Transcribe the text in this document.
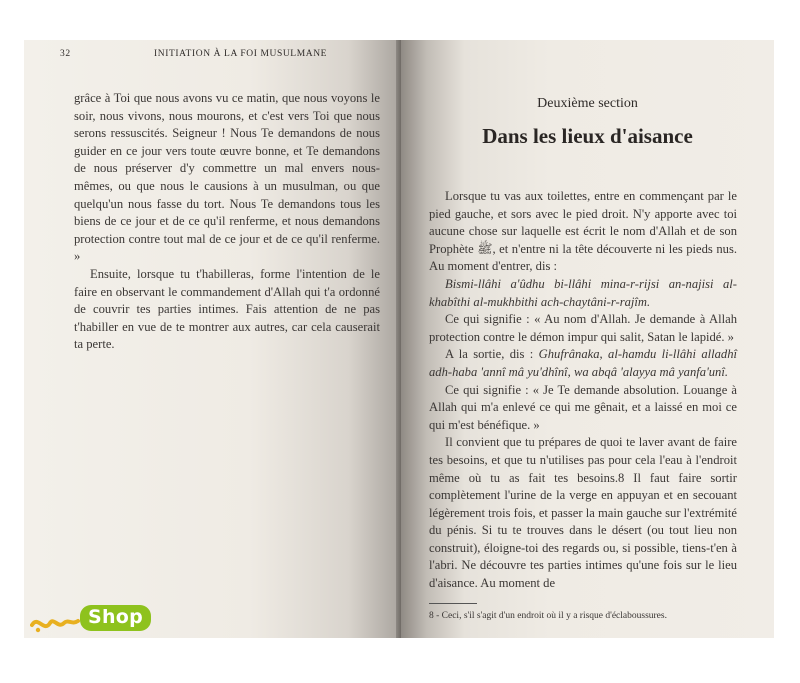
32	INITIATION À LA FOI MUSULMANE

grâce à Toi que nous avons vu ce matin, que nous voyons le soir, nous vivons, nous mourons, et c'est vers Toi que nous serons ressuscités. Seigneur ! Nous Te demandons de nous guider en ce jour vers toute œuvre bonne, et Te demandons de nous préserver d'y commettre un mal envers nous-mêmes, ou que nous le causions à un musulman, ou que quelqu'un nous fasse du tort. Nous Te demandons tous les biens de ce jour et de ce qu'il renferme, et nous demandons protection contre tout mal de ce jour et de ce qu'il renferme. »

Ensuite, lorsque tu t'habilleras, forme l'intention de le faire en observant le commandement d'Allah qui t'a ordonné de couvrir tes parties intimes. Fais attention de ne pas t'habiller en vue de te montrer aux autres, car cela causerait ta perte.

Deuxième section
Dans les lieux d'aisance

Lorsque tu vas aux toilettes, entre en commençant par le pied gauche, et sors avec le pied droit. N'y apporte avec toi aucune chose sur laquelle est écrit le nom d'Allah et de son Prophète ﷺ, et n'entre ni la tête découverte ni les pieds nus. Au moment d'entrer, dis :

Bismi-llâhi a'ûdhu bi-llâhi mina-r-rijsi an-najisi al-khabîthi al-mukhbithi ach-chaytâni-r-rajîm.

Ce qui signifie : « Au nom d'Allah. Je demande à Allah protection contre le démon impur qui salit, Satan le lapidé. »

A la sortie, dis : Ghufrânaka, al-hamdu li-llâhi alladhî adh-haba 'annî mâ yu'dhînî, wa abqâ 'alayya mâ yanfa'unî.

Ce qui signifie : « Je Te demande absolution. Louange à Allah qui m'a enlevé ce qui me gênait, et a laissé en moi ce qui m'est bénéfique. »

Il convient que tu prépares de quoi te laver avant de faire tes besoins, et que tu n'utilises pas pour cela l'eau à l'endroit même où tu as fait tes besoins.8 Il faut faire sortir complètement l'urine de la verge en appuyan et en secouant légèrement trois fois, et passer la main gauche sur l'extrémité du pénis. Si tu te trouves dans le désert (ou tout lieu non construit), éloigne-toi des regards ou, si possible, tiens-t'en à l'abri. Ne découvre tes parties intimes qu'une fois sur le lieu d'aisance. Au moment de

8 - Ceci, s'il s'agit d'un endroit où il y a risque d'éclaboussures.
Shop
